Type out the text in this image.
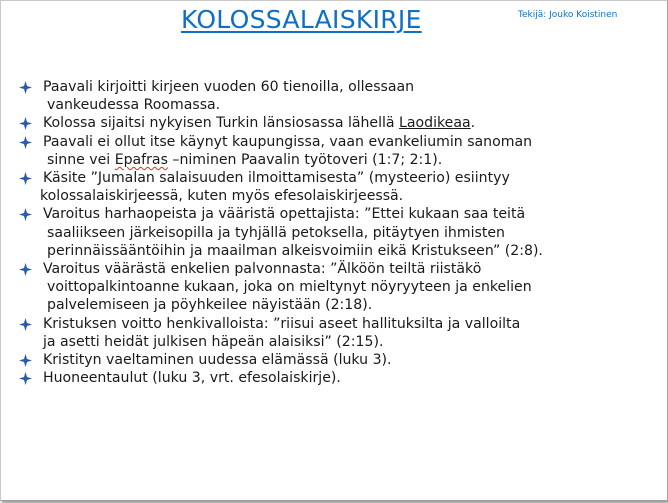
KOLOSSALAISKIRJE	Tekijä: Jouko Koistinen
Paavali kirjoitti kirjeen vuoden 60 tienoilla, ollessaan
vankeudessa Roomassa.
Kolossa sijaitsi nykyisen Turkin länsiosassa lähellä Laodikeaa.
Paavali ei ollut itse käynyt kaupungissa, vaan evankeliumin sanoman
sinne vei Epafras –niminen Paavalin työtoveri (1:7; 2:1).
Käsite ”Jumalan salaisuuden ilmoittamisesta” (mysteerio) esiintyy
kolossalaiskirjeessä, kuten myös efesolaiskirjeessä.
Varoitus harhaopeista ja vääristä opettajista: ”Ettei kukaan saa teitä
saaliikseen järkeisopilla ja tyhjällä petoksella, pitäytyen ihmisten
perinnäissääntöihin ja maailman alkeisvoimiin eikä Kristukseen” (2:8).
Varoitus väärästä enkelien palvonnasta: ”Älköön teiltä riistäkö
voittopalkintoanne kukaan, joka on mieltynyt nöyryyteen ja enkelien
palvelemiseen ja pöyhkeilee näyistään (2:18).
Kristuksen voitto henkivalloista: ”riisui aseet hallituksilta ja valloilta
ja asetti heidät julkisen häpeän alaisiksi” (2:15).
Kristityn vaeltaminen uudessa elämässä (luku 3).
Huoneentaulut (luku 3, vrt. efesolaiskirje).
